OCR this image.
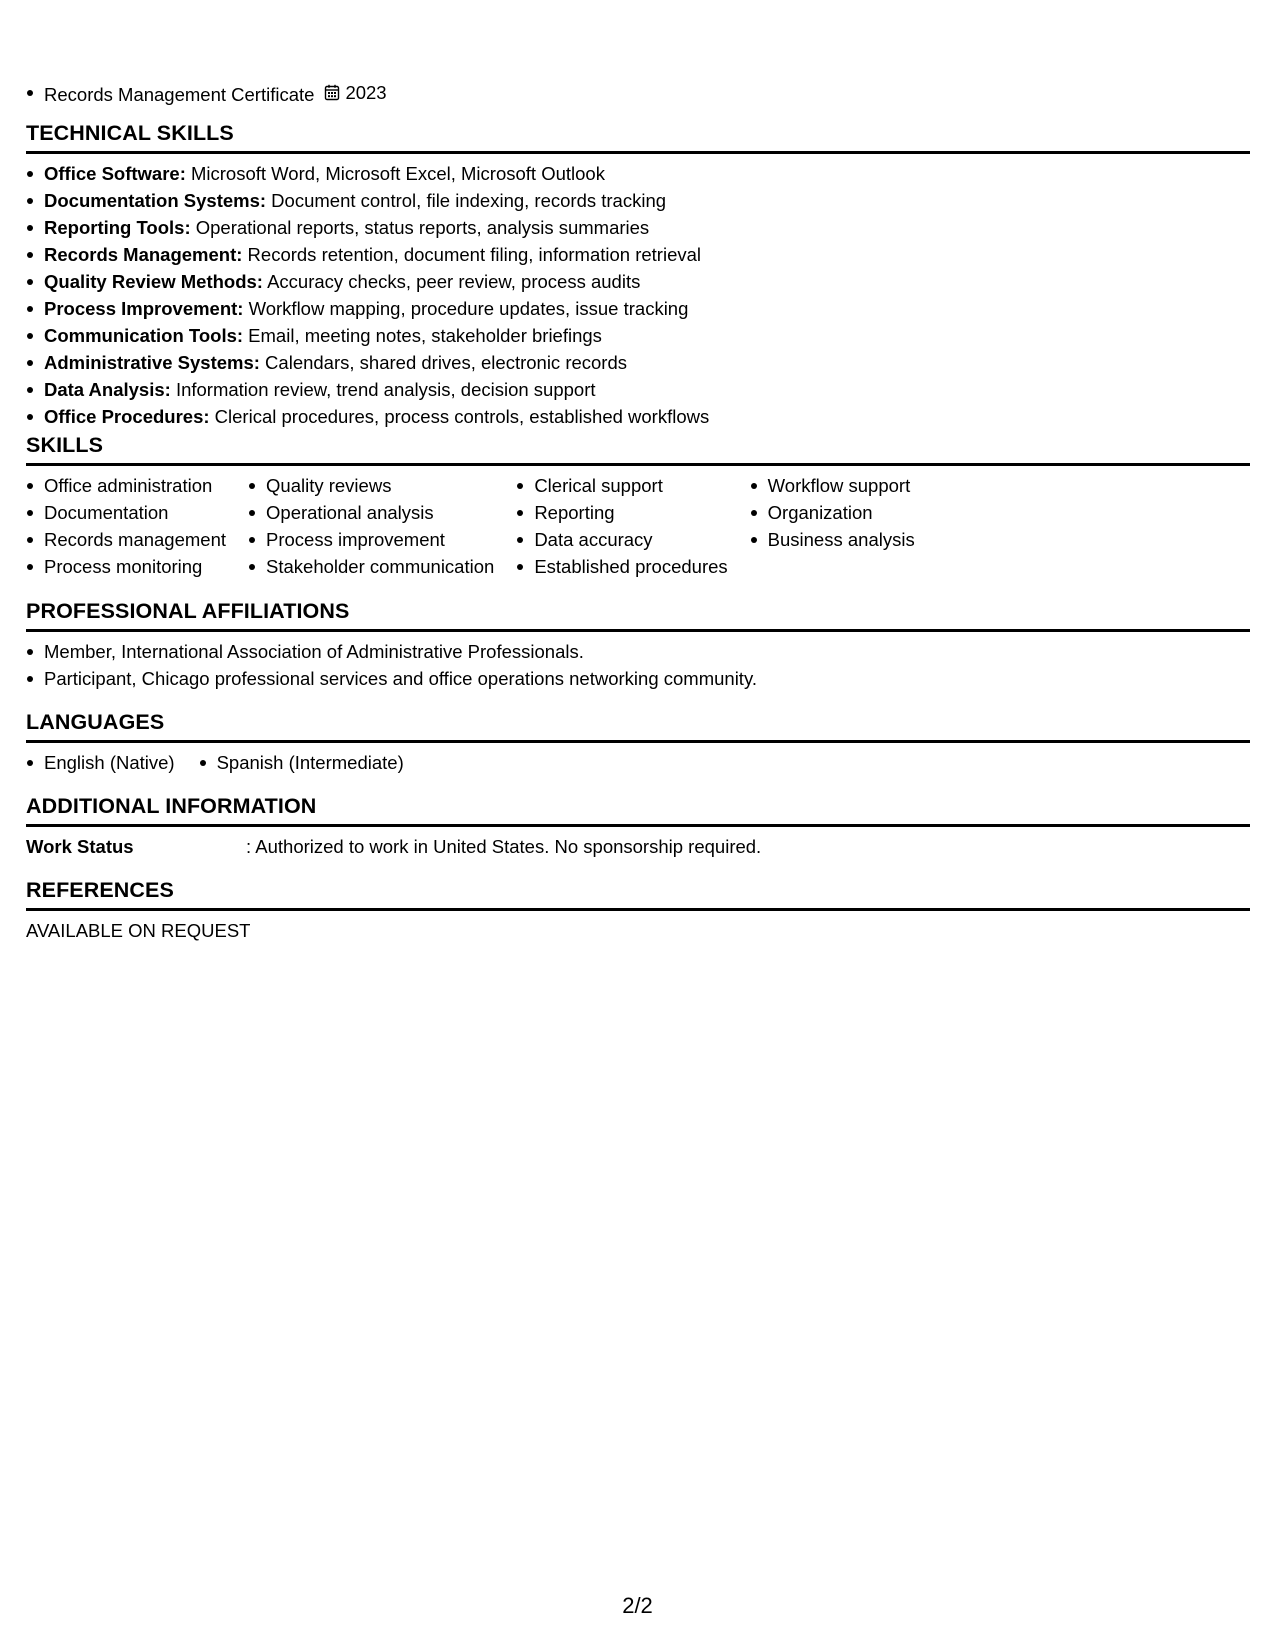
Records Management Certificate 2023
TECHNICAL SKILLS
Office Software: Microsoft Word, Microsoft Excel, Microsoft Outlook
Documentation Systems: Document control, file indexing, records tracking
Reporting Tools: Operational reports, status reports, analysis summaries
Records Management: Records retention, document filing, information retrieval
Quality Review Methods: Accuracy checks, peer review, process audits
Process Improvement: Workflow mapping, procedure updates, issue tracking
Communication Tools: Email, meeting notes, stakeholder briefings
Administrative Systems: Calendars, shared drives, electronic records
Data Analysis: Information review, trend analysis, decision support
Office Procedures: Clerical procedures, process controls, established workflows
SKILLS
Office administration
Documentation
Records management
Process monitoring
Quality reviews
Operational analysis
Process improvement
Stakeholder communication
Clerical support
Reporting
Data accuracy
Established procedures
Workflow support
Organization
Business analysis
PROFESSIONAL AFFILIATIONS
Member, International Association of Administrative Professionals.
Participant, Chicago professional services and office operations networking community.
LANGUAGES
English (Native)	Spanish (Intermediate)
ADDITIONAL INFORMATION
Work Status	: Authorized to work in United States. No sponsorship required.
REFERENCES
AVAILABLE ON REQUEST
2/2
